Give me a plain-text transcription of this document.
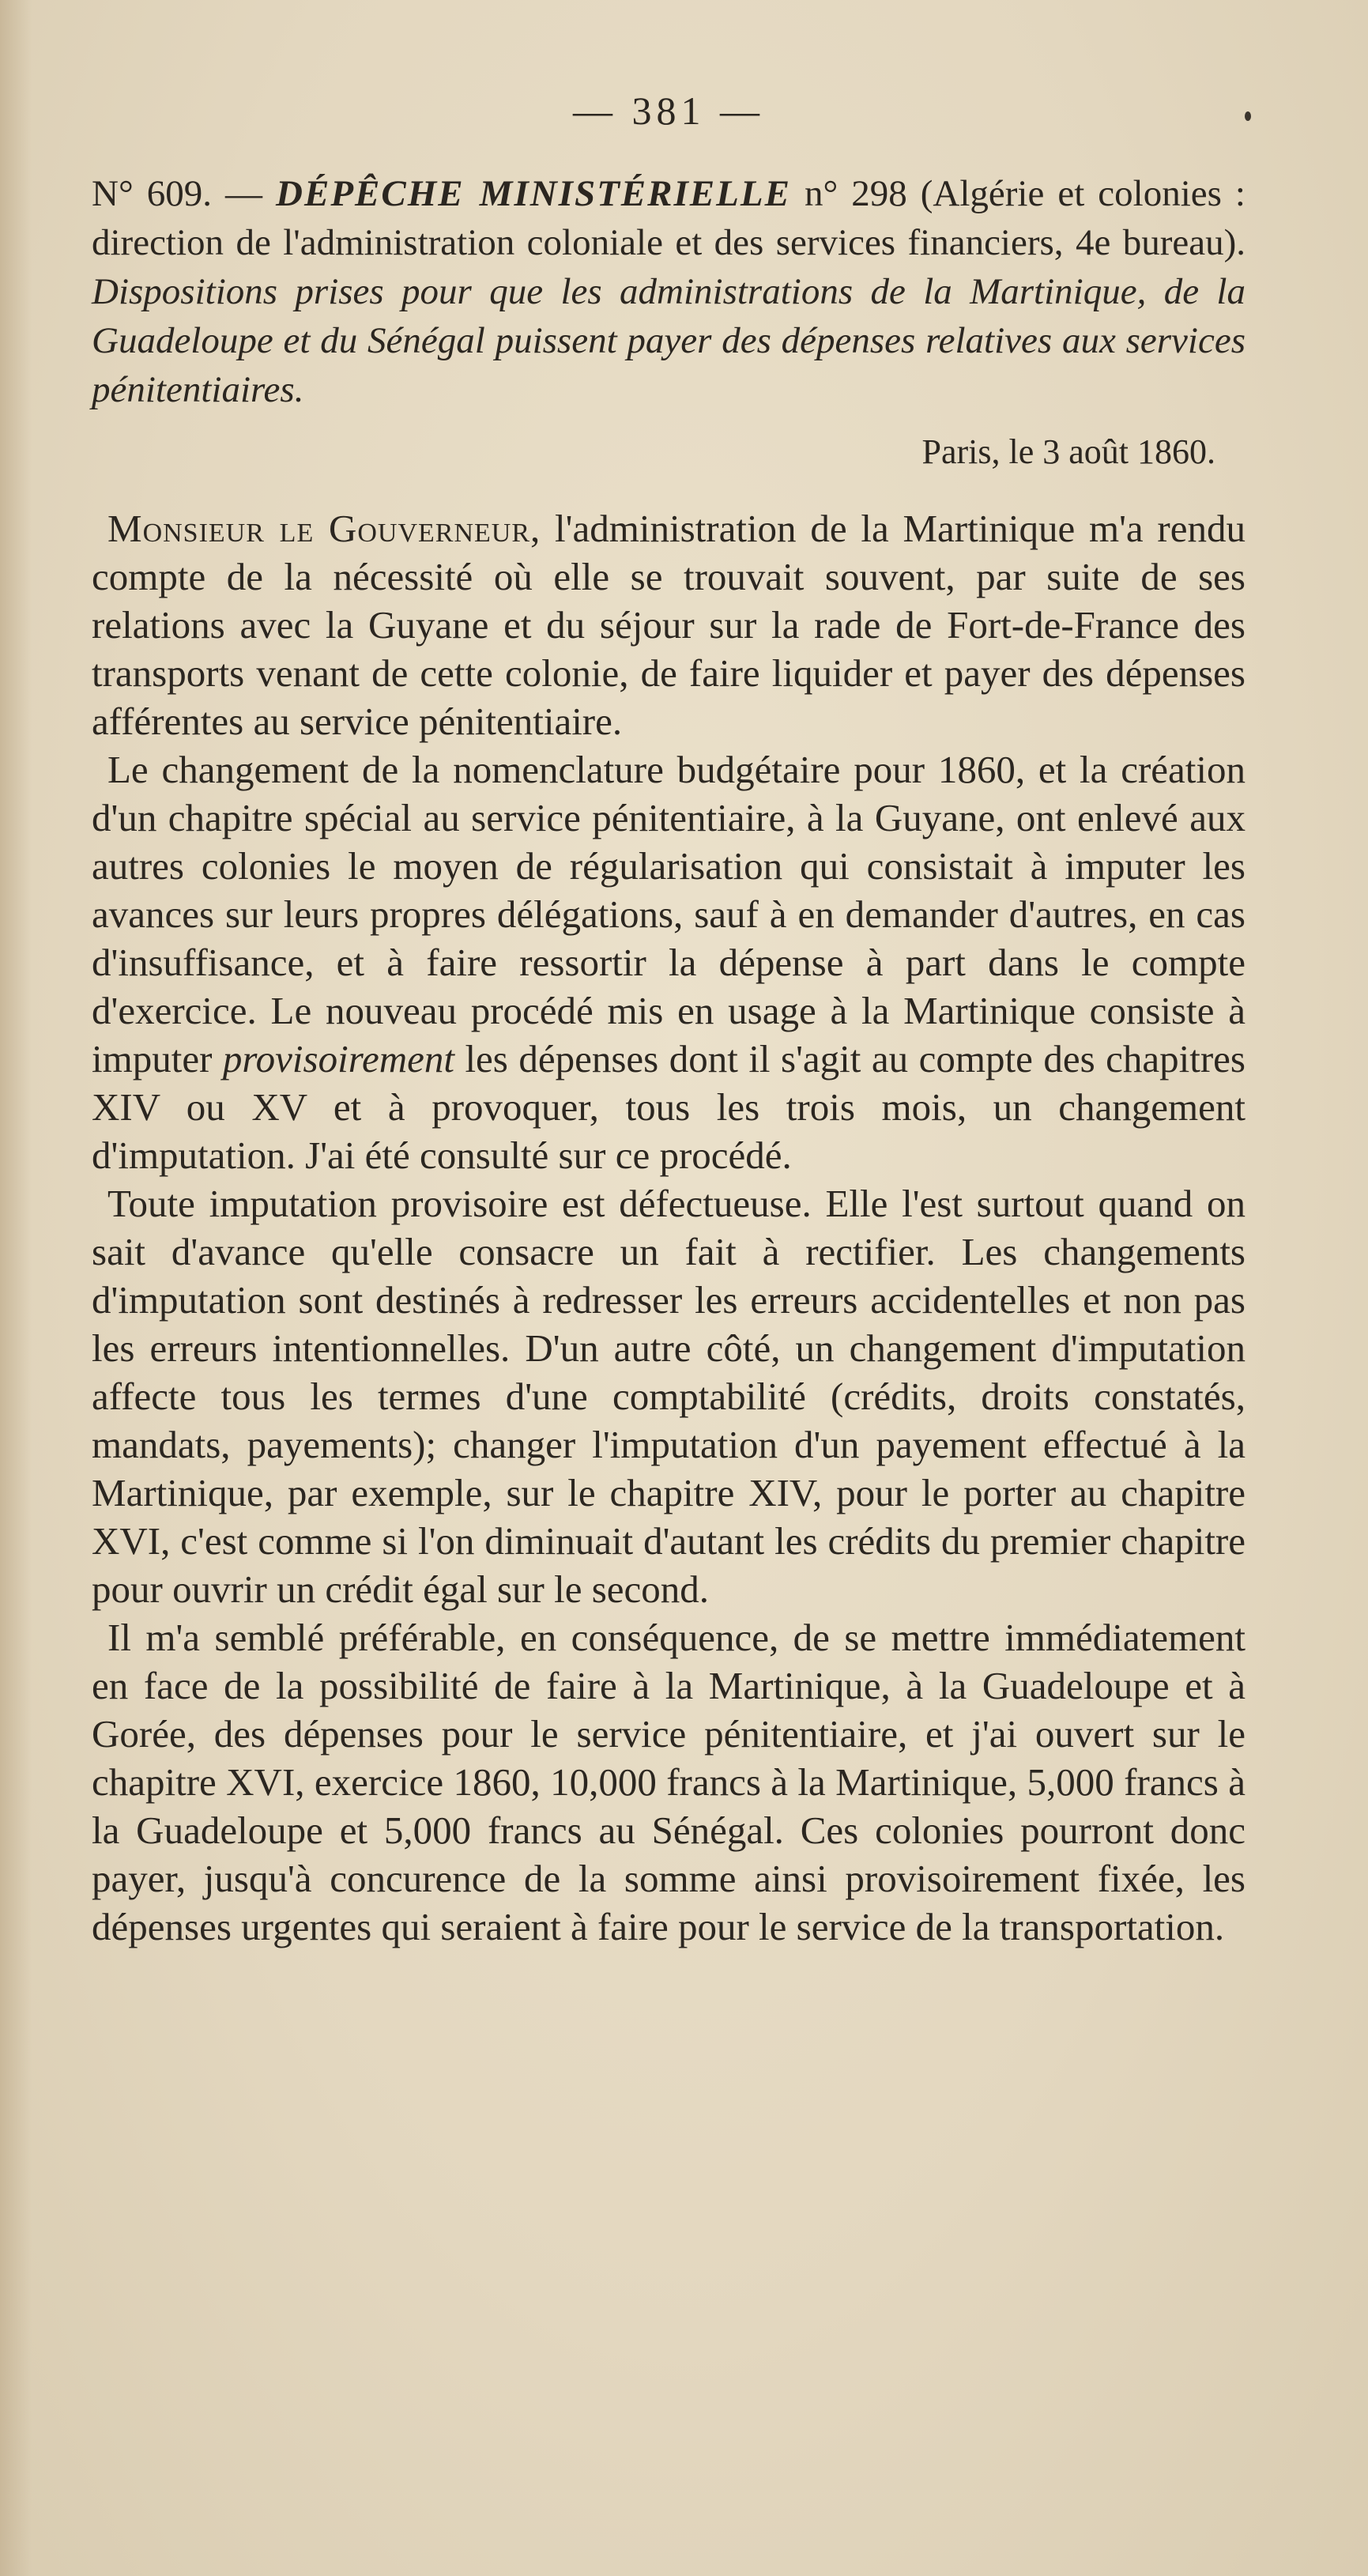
— 381 —

N° 609. — DÉPÊCHE MINISTÉRIELLE n° 298 (Algérie et colonies : direction de l'administration coloniale et des services financiers, 4e bureau). Dispositions prises pour que les administrations de la Martinique, de la Guadeloupe et du Sénégal puissent payer des dépenses relatives aux services pénitentiaires.

Paris, le 3 août 1860.

Monsieur le Gouverneur, l'administration de la Martinique m'a rendu compte de la nécessité où elle se trouvait souvent, par suite de ses relations avec la Guyane et du séjour sur la rade de Fort-de-France des transports venant de cette colonie, de faire liquider et payer des dépenses afférentes au service pénitentiaire.

Le changement de la nomenclature budgétaire pour 1860, et la création d'un chapitre spécial au service pénitentiaire, à la Guyane, ont enlevé aux autres colonies le moyen de régularisation qui consistait à imputer les avances sur leurs propres délégations, sauf à en demander d'autres, en cas d'insuffisance, et à faire ressortir la dépense à part dans le compte d'exercice. Le nouveau procédé mis en usage à la Martinique consiste à imputer provisoirement les dépenses dont il s'agit au compte des chapitres XIV ou XV et à provoquer, tous les trois mois, un changement d'imputation. J'ai été consulté sur ce procédé.

Toute imputation provisoire est défectueuse. Elle l'est surtout quand on sait d'avance qu'elle consacre un fait à rectifier. Les changements d'imputation sont destinés à redresser les erreurs accidentelles et non pas les erreurs intentionnelles. D'un autre côté, un changement d'imputation affecte tous les termes d'une comptabilité (crédits, droits constatés, mandats, payements); changer l'imputation d'un payement effectué à la Martinique, par exemple, sur le chapitre XIV, pour le porter au chapitre XVI, c'est comme si l'on diminuait d'autant les crédits du premier chapitre pour ouvrir un crédit égal sur le second.

Il m'a semblé préférable, en conséquence, de se mettre immédiatement en face de la possibilité de faire à la Martinique, à la Guadeloupe et à Gorée, des dépenses pour le service pénitentiaire, et j'ai ouvert sur le chapitre XVI, exercice 1860, 10,000 francs à la Martinique, 5,000 francs à la Guadeloupe et 5,000 francs au Sénégal. Ces colonies pourront donc payer, jusqu'à concurence de la somme ainsi provisoirement fixée, les dépenses urgentes qui seraient à faire pour le service de la transportation.
